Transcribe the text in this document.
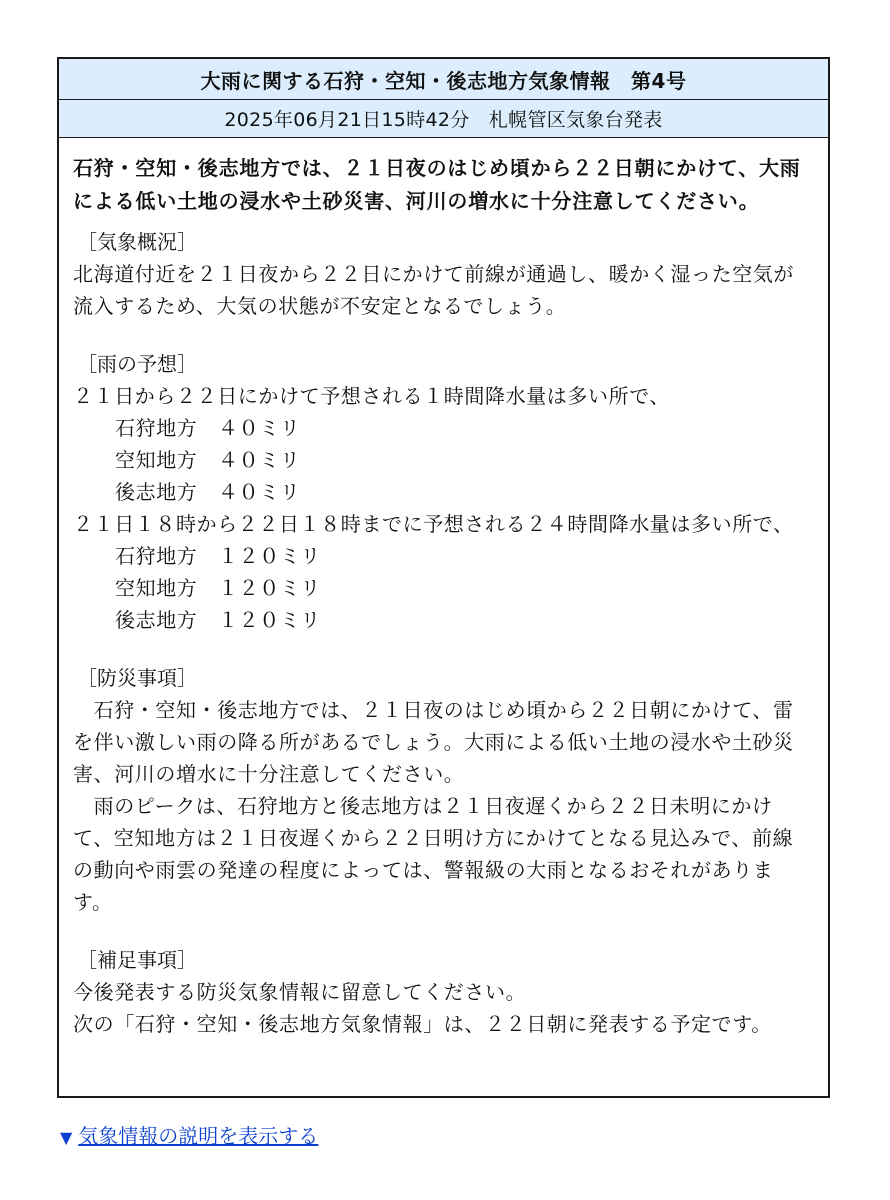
大雨に関する石狩・空知・後志地方気象情報　第4号
2025年06月21日15時42分　札幌管区気象台発表

石狩・空知・後志地方では、２１日夜のはじめ頃から２２日朝にかけて、大雨による低い土地の浸水や土砂災害、河川の増水に十分注意してください。

［気象概況］
北海道付近を２１日夜から２２日にかけて前線が通過し、暖かく湿った空気が
流入するため、大気の状態が不安定となるでしょう。
［雨の予想］
２１日から２２日にかけて予想される１時間降水量は多い所で、
石狩地方　 ４０ミリ
空知地方　 ４０ミリ
後志地方　 ４０ミリ
２１日１８時から２２日１８時までに予想される２４時間降水量は多い所で、
石狩地方　 １２０ミリ
空知地方　 １２０ミリ
後志地方　 １２０ミリ
［防災事項］
　石狩・空知・後志地方では、２１日夜のはじめ頃から２２日朝にかけて、雷
を伴い激しい雨の降る所があるでしょう。大雨による低い土地の浸水や土砂災
害、河川の増水に十分注意してください。
　雨のピークは、石狩地方と後志地方は２１日夜遅くから２２日未明にかけ
て、空知地方は２１日夜遅くから２２日明け方にかけてとなる見込みで、前線
の動向や雨雲の発達の程度によっては、警報級の大雨となるおそれがありま
す。
［補足事項］
今後発表する防災気象情報に留意してください。
次の「石狩・空知・後志地方気象情報」は、２２日朝に発表する予定です。
▼ 気象情報の説明を表示する
